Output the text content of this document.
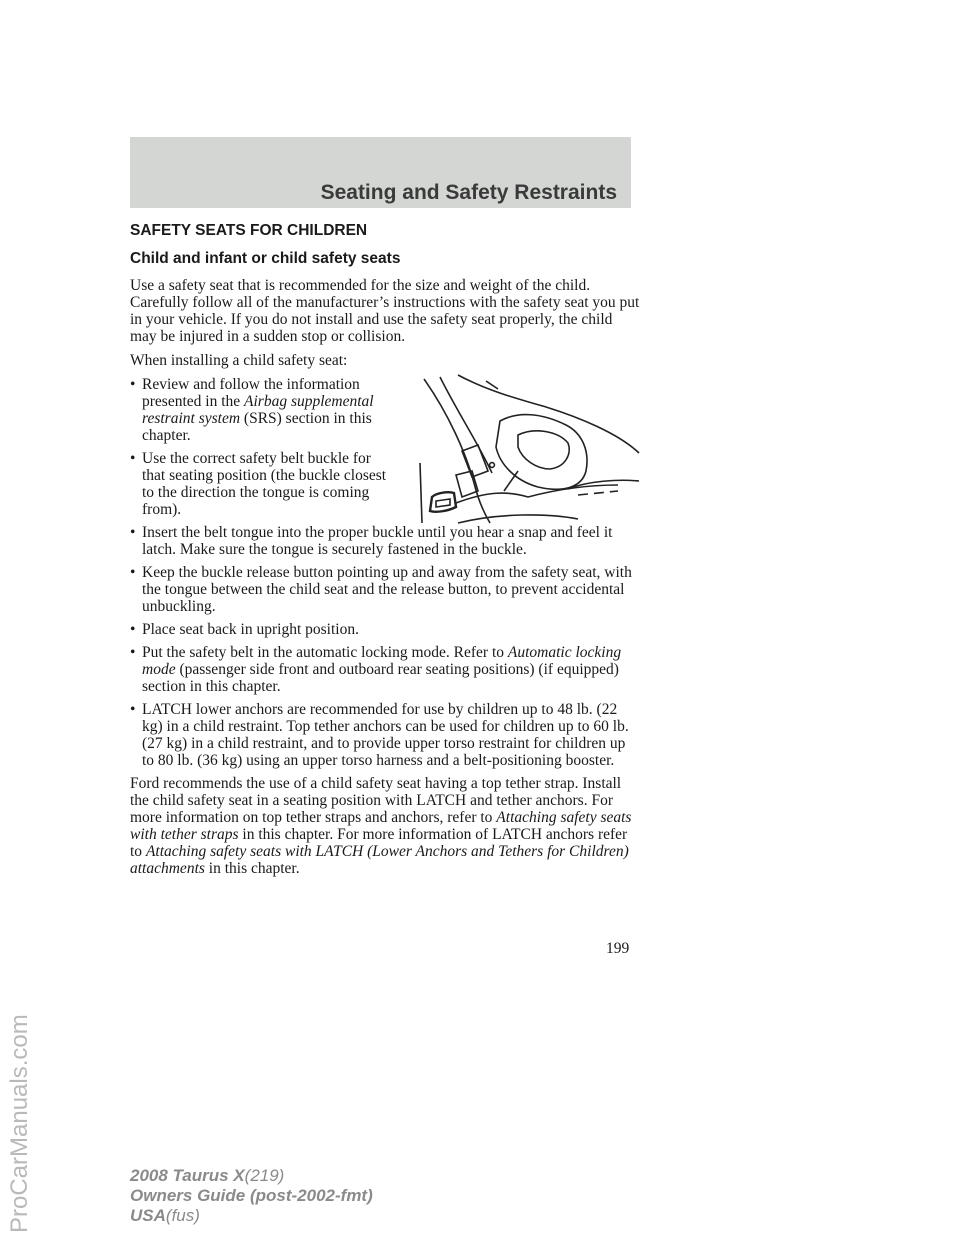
Seating and Safety Restraints
SAFETY SEATS FOR CHILDREN
Child and infant or child safety seats

Use a safety seat that is recommended for the size and weight of the child. Carefully follow all of the manufacturer’s instructions with the safety seat you put in your vehicle. If you do not install and use the safety seat properly, the child may be injured in a sudden stop or collision.

When installing a child safety seat:

• Review and follow the information presented in the Airbag supplemental restraint system (SRS) section in this chapter.
• Use the correct safety belt buckle for that seating position (the buckle closest to the direction the tongue is coming from).
• Insert the belt tongue into the proper buckle until you hear a snap and feel it latch. Make sure the tongue is securely fastened in the buckle.
• Keep the buckle release button pointing up and away from the safety seat, with the tongue between the child seat and the release button, to prevent accidental unbuckling.
• Place seat back in upright position.
• Put the safety belt in the automatic locking mode. Refer to Automatic locking mode (passenger side front and outboard rear seating positions) (if equipped) section in this chapter.
• LATCH lower anchors are recommended for use by children up to 48 lb. (22 kg) in a child restraint. Top tether anchors can be used for children up to 60 lb. (27 kg) in a child restraint, and to provide upper torso restraint for children up to 80 lb. (36 kg) using an upper torso harness and a belt-positioning booster.

Ford recommends the use of a child safety seat having a top tether strap. Install the child safety seat in a seating position with LATCH and tether anchors. For more information on top tether straps and anchors, refer to Attaching safety seats with tether straps in this chapter. For more information of LATCH anchors refer to Attaching safety seats with LATCH (Lower Anchors and Tethers for Children) attachments in this chapter.

199

2008 Taurus X(219)
Owners Guide (post-2002-fmt)
USA(fus)
ProCarManuals.com
